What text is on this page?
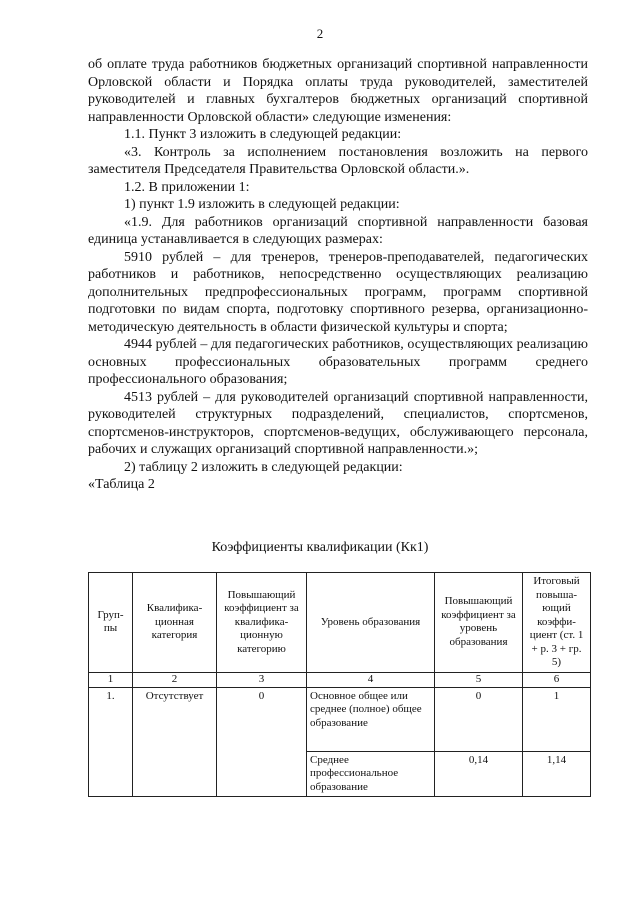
2

об оплате труда работников бюджетных организаций спортивной направленности Орловской области и Порядка оплаты труда руководителей, заместителей руководителей и главных бухгалтеров бюджетных организаций спортивной направленности Орловской области» следующие изменения:

1.1. Пункт 3 изложить в следующей редакции:

«3. Контроль за исполнением постановления возложить на первого заместителя Председателя Правительства Орловской области.».

1.2. В приложении 1:

1) пункт 1.9 изложить в следующей редакции:

«1.9. Для работников организаций спортивной направленности базовая единица устанавливается в следующих размерах:

5910 рублей – для тренеров, тренеров-преподавателей, педагогических работников и работников, непосредственно осуществляющих реализацию дополнительных предпрофессиональных программ, программ спортивной подготовки по видам спорта, подготовку спортивного резерва, организационно-методическую деятельность в области физической культуры и спорта;

4944 рублей – для педагогических работников, осуществляющих реализацию основных профессиональных образовательных программ среднего профессионального образования;

4513 рублей – для руководителей организаций спортивной направленности, руководителей структурных подразделений, специалистов, спортсменов, спортсменов-инструкторов, спортсменов-ведущих, обслуживающего персонала, рабочих и служащих организаций спортивной направленности.»;

2) таблицу 2 изложить в следующей редакции:

«Таблица 2

Коэффициенты квалификации (Кк1)
Груп-пы	Квалифика-ционная категория	Повышающий коэффициент за квалифика-ционную категорию	Уровень образования	Повышающий коэффициент за уровень образования	Итоговый повыша-ющий коэффи-циент (ст. 1 + р. 3 + гр. 5)
1	2	3	4	5	6
1.	Отсутствует	0	Основное общее или среднее (полное) общее образование	0	1
			Среднее профессиональное образование	0,14	1,14
